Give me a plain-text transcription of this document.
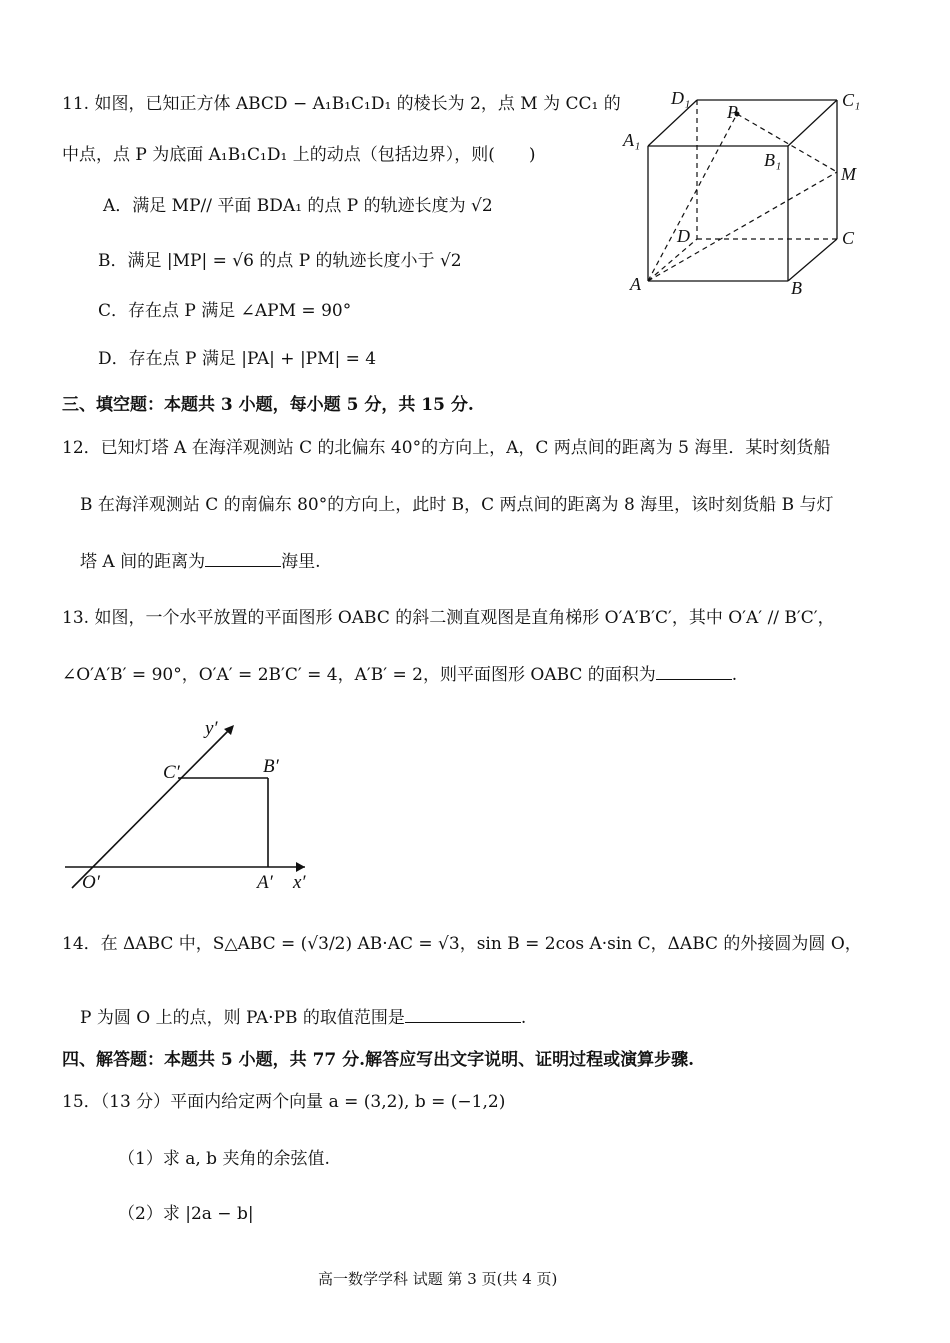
11. 如图，已知正方体 ABCD − A₁B₁C₁D₁ 的棱长为 2，点 M 为 CC₁ 的
中点，点 P 为底面 A₁B₁C₁D₁ 上的动点（包括边界），则(　　)
A．满足 MP// 平面 BDA₁ 的点 P 的轨迹长度为 √2
B．满足 |MP| = √6 的点 P 的轨迹长度小于 √2
C．存在点 P 满足 ∠APM = 90°
D．存在点 P 满足 |PA| + |PM| = 4
D₁	C₁
P
A₁
B₁
M
D	C
A	B
三、填空题：本题共 3 小题，每小题 5 分，共 15 分.
12．已知灯塔 A 在海洋观测站 C 的北偏东 40°的方向上，A，C 两点间的距离为 5 海里．某时刻货船
B 在海洋观测站 C 的南偏东 80°的方向上，此时 B，C 两点间的距离为 8 海里，该时刻货船 B 与灯
塔 A 间的距离为	海里.
13. 如图，一个水平放置的平面图形 OABC 的斜二测直观图是直角梯形 O′A′B′C′，其中 O′A′ // B′C′，
∠O′A′B′ = 90°，O′A′ = 2B′C′ = 4，A′B′ = 2，则平面图形 OABC 的面积为	.
y′
C′	B′
O′	A′ x′
14．在 ΔABC 中，S△ABC = (√3/2) AB·AC = √3，sin B = 2cos A·sin C，ΔABC 的外接圆为圆 O，
P 为圆 O 上的点，则 PA·PB 的取值范围是	.
四、解答题：本题共 5 小题，共 77 分.解答应写出文字说明、证明过程或演算步骤.
15．（13 分）平面内给定两个向量 a = (3,2), b = (−1,2)
（1）求 a, b 夹角的余弦值.
（2）求 |2a − b|
高一数学学科 试题 第 3 页(共 4 页)
